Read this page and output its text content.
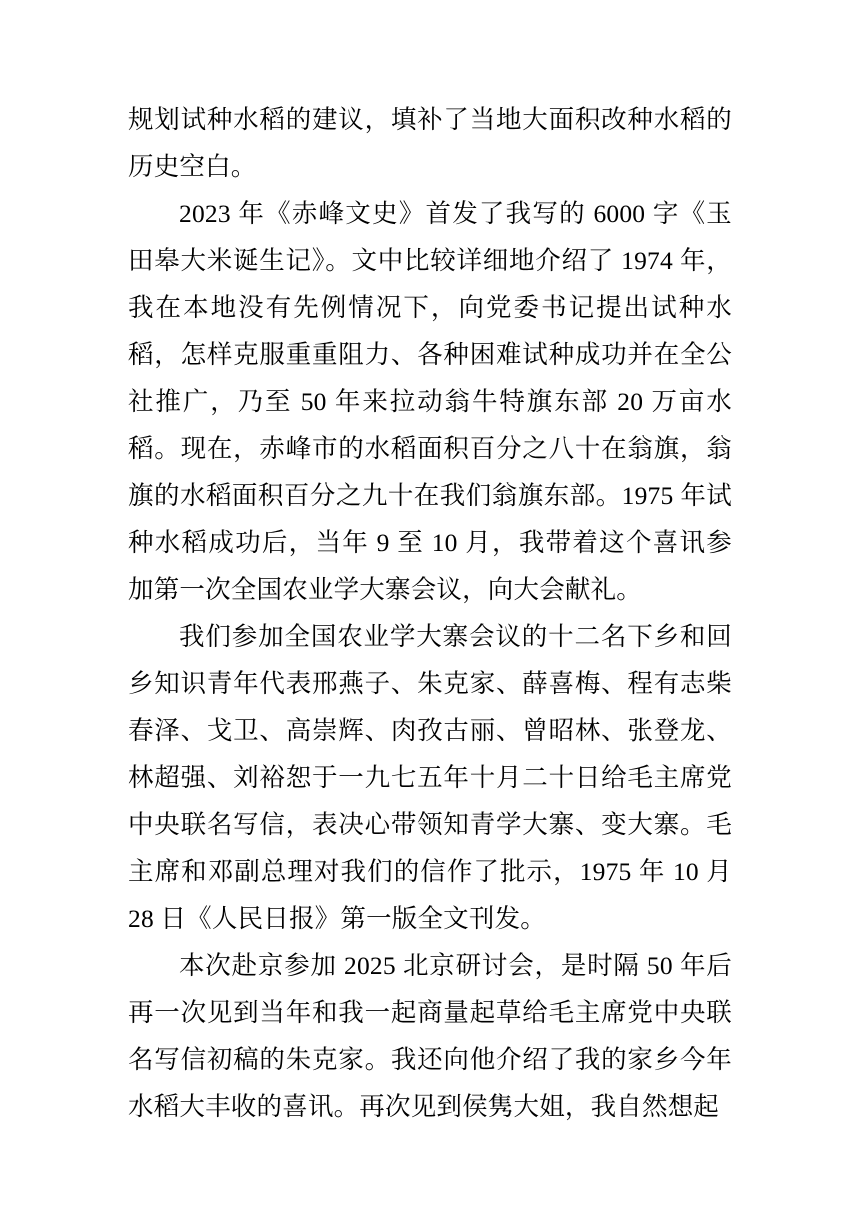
规划试种水稻的建议，填补了当地大面积改种水稻的历史空白。

2023 年《赤峰文史》首发了我写的 6000 字《玉田皋大米诞生记》。文中比较详细地介绍了 1974 年，我在本地没有先例情况下，向党委书记提出试种水稻，怎样克服重重阻力、各种困难试种成功并在全公社推广，乃至 50 年来拉动翁牛特旗东部 20 万亩水稻。现在，赤峰市的水稻面积百分之八十在翁旗，翁旗的水稻面积百分之九十在我们翁旗东部。1975 年试种水稻成功后，当年 9 至 10 月，我带着这个喜讯参加第一次全国农业学大寨会议，向大会献礼。

我们参加全国农业学大寨会议的十二名下乡和回乡知识青年代表邢燕子、朱克家、薛喜梅、程有志柴春泽、戈卫、高崇辉、肉孜古丽、曾昭林、张登龙、林超强、刘裕恕于一九七五年十月二十日给毛主席党中央联名写信，表决心带领知青学大寨、变大寨。毛主席和邓副总理对我们的信作了批示，1975 年 10 月 28 日《人民日报》第一版全文刊发。

本次赴京参加 2025 北京研讨会，是时隔 50 年后再一次见到当年和我一起商量起草给毛主席党中央联名写信初稿的朱克家。我还向他介绍了我的家乡今年水稻大丰收的喜讯。再次见到侯隽大姐，我自然想起
